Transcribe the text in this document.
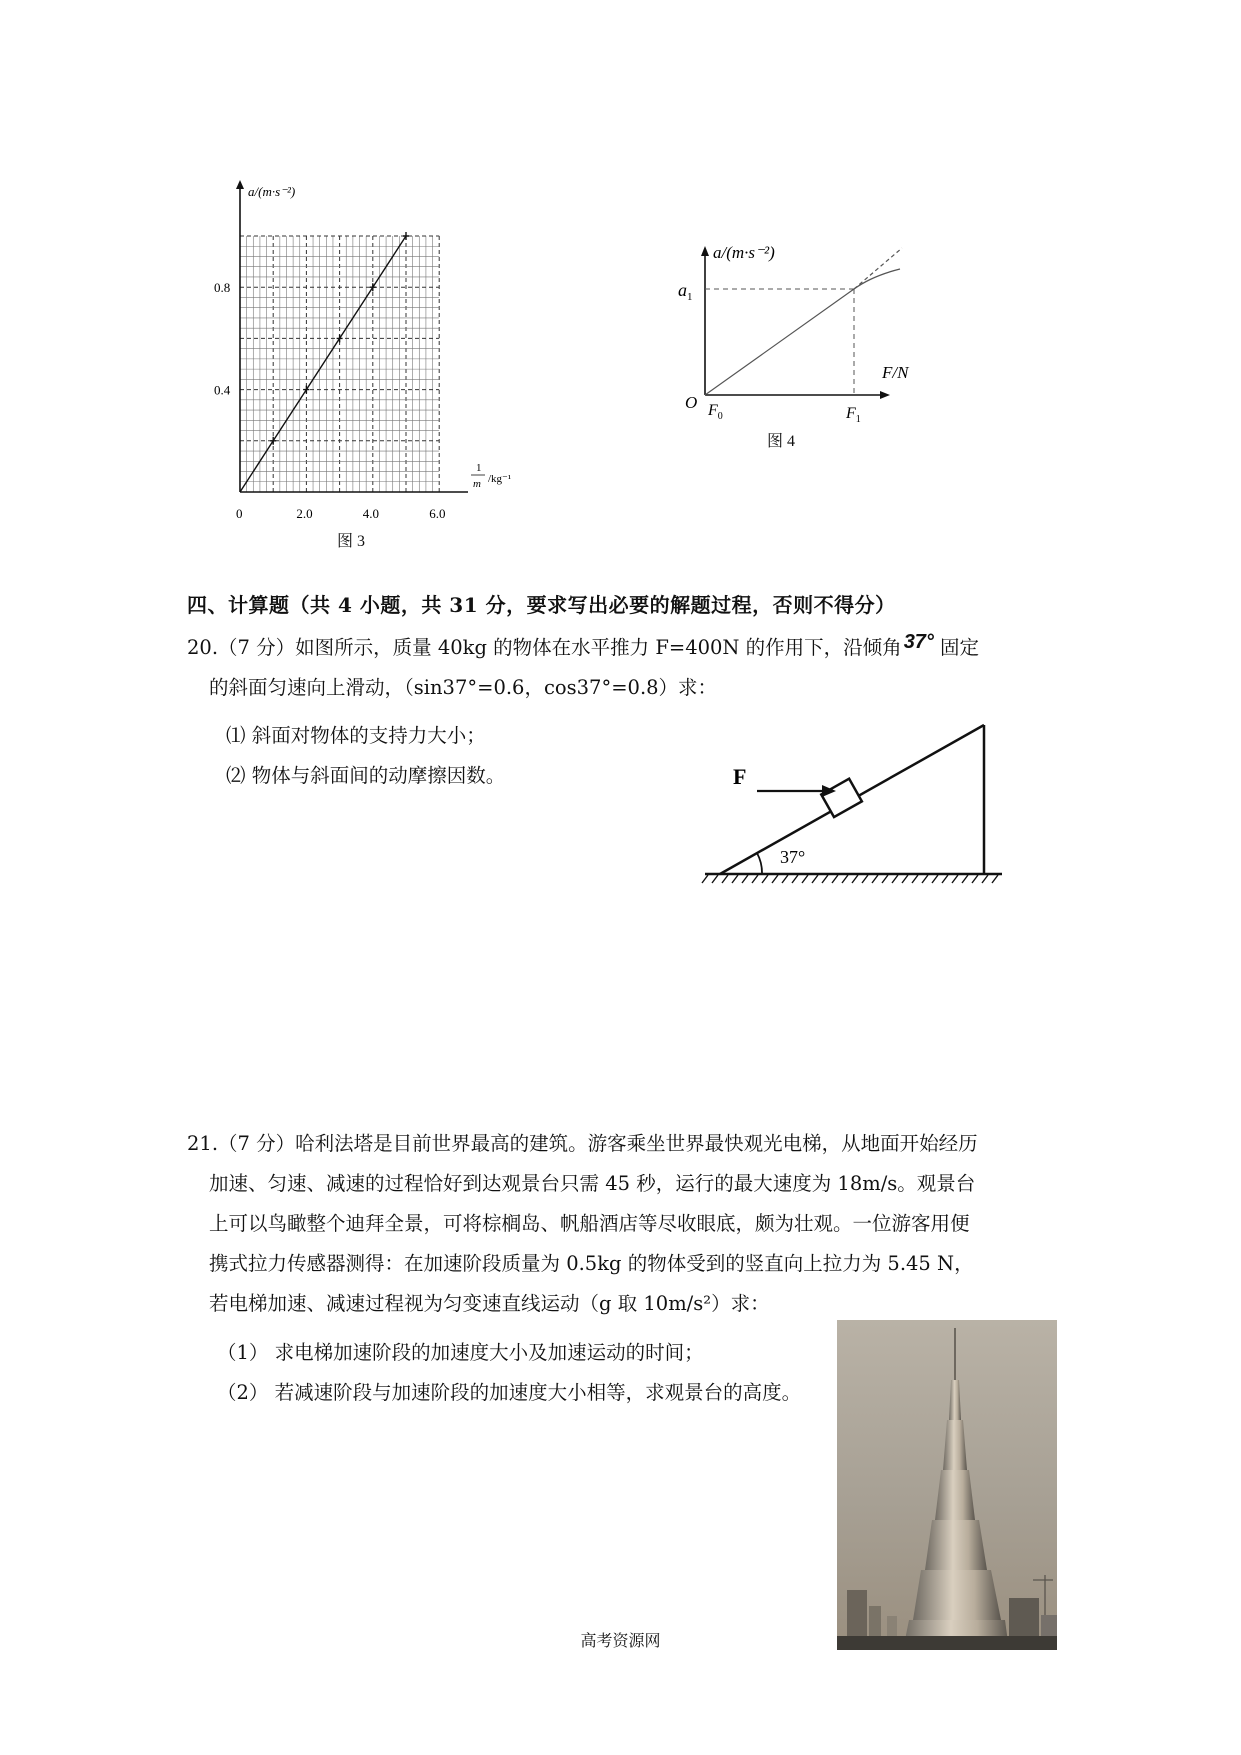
0	2.0	4.0	6.0
0.4
0.8
a/(m·s⁻²)
1
m /kg⁻¹
图 3
a/(m·s⁻²)
$a_1$
F/N
O $F_0$	$F_1$
图 4
四、计算题（共 4 小题，共 31 分，要求写出必要的解题过程，否则不得分）
20.（7 分）如图所示，质量 40kg 的物体在水平推力 F=400N 的作用下，沿倾角 37° 固定
的斜面匀速向上滑动，（sin37°=0.6，cos37°=0.8）求：
⑴ 斜面对物体的支持力大小；
⑵ 物体与斜面间的动摩擦因数。	F
37°
21.（7 分）哈利法塔是目前世界最高的建筑。游客乘坐世界最快观光电梯，从地面开始经历
加速、匀速、减速的过程恰好到达观景台只需 45 秒，运行的最大速度为 18m/s。观景台
上可以鸟瞰整个迪拜全景，可将棕榈岛、帆船酒店等尽收眼底，颇为壮观。一位游客用便
携式拉力传感器测得：在加速阶段质量为 0.5kg 的物体受到的竖直向上拉力为 5.45 N，
若电梯加速、减速过程视为匀变速直线运动（g 取 10m/s²）求：
（1） 求电梯加速阶段的加速度大小及加速运动的时间；
（2） 若减速阶段与加速阶段的加速度大小相等，求观景台的高度。
高考资源网
